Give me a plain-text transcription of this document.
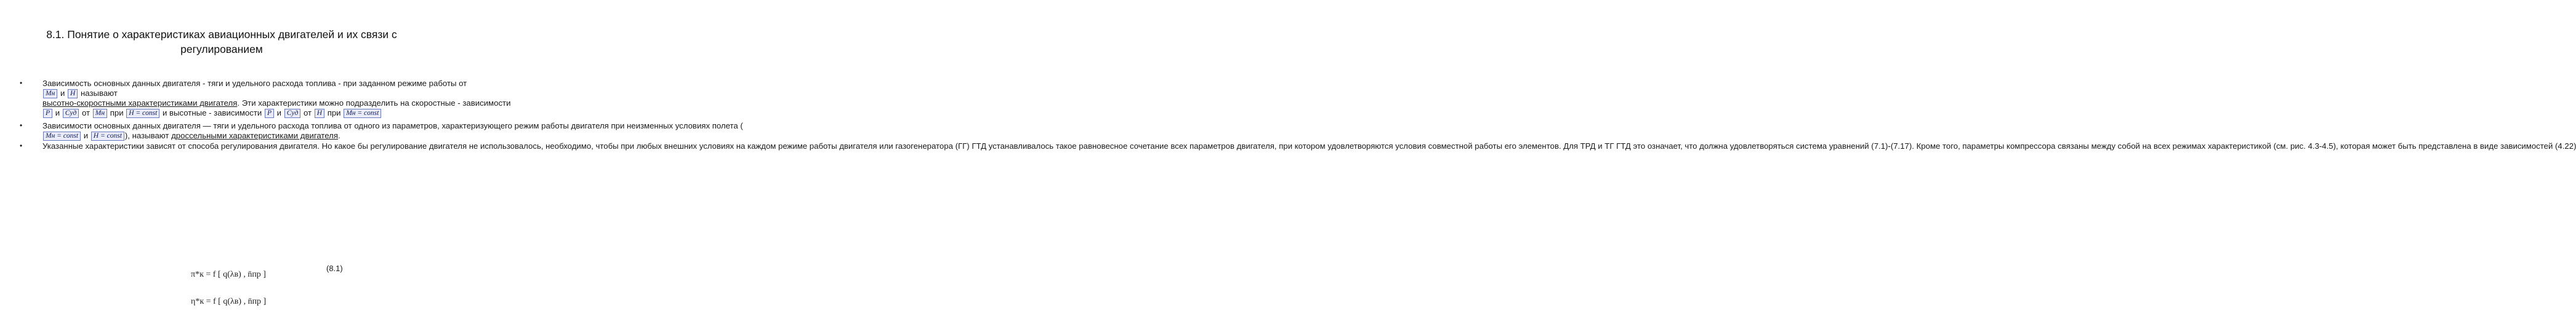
8.1. Понятие о характеристиках авиационных двигателей и их связи с регулированием
• Зависимость основных данных двигателя - тяги и удельного расхода топлива - при заданном режиме работы от Mн и H называют высотно-скоростными характеристиками двигателя. Эти характеристики можно подразделить на скоростные - зависимости P и Cуд от Mн при H = const и высотные - зависимости P и Cуд от H при Mн = const
• Зависимости основных данных двигателя — тяги и удельного расхода топлива от одного из параметров, характеризующего режим работы двигателя при неизменных условиях полета ( Mн = const и H = const ), называют дроссельными характеристиками двигателя.
• Указанные характеристики зависят от способа регулирования двигателя. Но какое бы регулирование двигателя не использовалось, необходимо, чтобы при любых внешних условиях на каждом режиме работы двигателя или газогенератора (ГГ) ГТД устанавливалось такое равновесное сочетание всех параметров двигателя, при котором удовлетворяются условия совместной работы его элементов. Для ТРД и ТГ ГТД это означает, что должна удовлетворяться система уравнений (7.1)-(7.17). Кроме того, параметры компрессора связаны между собой на всех режимах характеристикой (см. рис. 4.3-4.5), которая может быть представлена в виде зависимостей (4.22)
(8.1)
π*к = f [ q(λв) , n̄пр ]
η*к = f [ q(λв) , n̄пр ]
